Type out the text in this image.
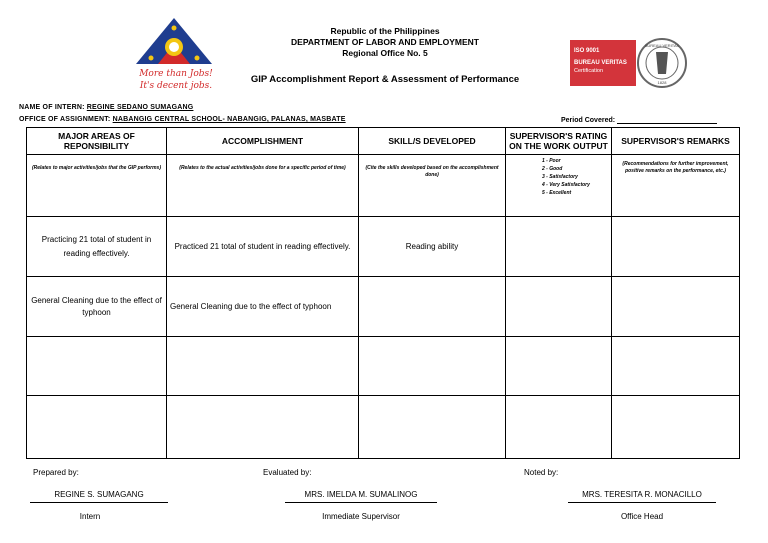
More than Jobs!
It's decent jobs.
Republic of the Philippines
DEPARTMENT OF LABOR AND EMPLOYMENT
Regional Office No. 5
GIP Accomplishment Report & Assessment of Performance
ISO 9001
BUREAU VERITAS
Certification
BUREAU VERITAS
1828
NAME OF INTERN: REGINE SEDANO SUMAGANG
OFFICE OF ASSIGNMENT: NABANGIG CENTRAL SCHOOL- NABANGIG, PALANAS, MASBATE	Period Covered:
MAJOR AREAS OF REPONSIBILITY	ACCOMPLISHMENT	SKILL/S DEVELOPED	SUPERVISOR'S RATING ON THE WORK OUTPUT	SUPERVISOR'S REMARKS
(Relates to major activities/jobs that the GIP performs)	(Relates to the actual activities/jobs done for a specific period of time)	(Cite the skills developed based on the accomplishment done)	1 - Poor
2 - Good
3 - Satisfactory
4 - Very Satisfactory
5 - Excellent	(Recommendations for further improvement, positive remarks on the performance, etc.)
Practicing 21 total of student in reading effectively.	Practiced 21 total of student in reading effectively.	Reading ability		
General Cleaning due to the effect of typhoon	General Cleaning due to the effect of typhoon			

Prepared by:
REGINE S. SUMAGANG
Intern
Evaluated by:
MRS. IMELDA M. SUMALINOG
Immediate Supervisor
Noted by:
MRS. TERESITA R. MONACILLO
Office Head
